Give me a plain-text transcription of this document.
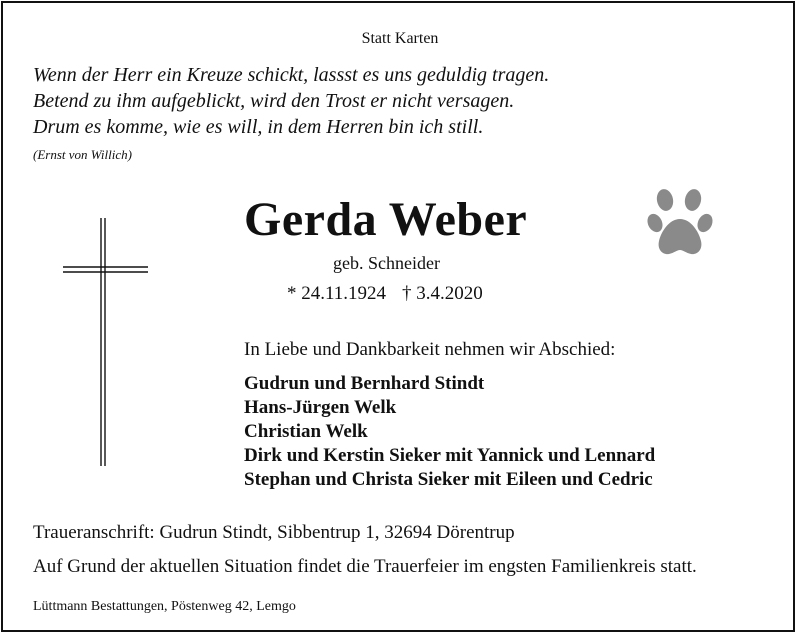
Statt Karten
Wenn der Herr ein Kreuze schickt, lassst es uns geduldig tragen.
Betend zu ihm aufgeblickt, wird den Trost er nicht versagen.
Drum es komme, wie es will, in dem Herren bin ich still.
(Ernst von Willich)
Gerda Weber
geb. Schneider
* 24.11.1924 † 3.4.2020
In Liebe und Dankbarkeit nehmen wir Abschied:
Gudrun und Bernhard Stindt
Hans-Jürgen Welk
Christian Welk
Dirk und Kerstin Sieker mit Yannick und Lennard
Stephan und Christa Sieker mit Eileen und Cedric
Traueranschrift: Gudrun Stindt, Sibbentrup 1, 32694 Dörentrup
Auf Grund der aktuellen Situation findet die Trauerfeier im engsten Familienkreis statt.
Lüttmann Bestattungen, Pöstenweg 42, Lemgo
